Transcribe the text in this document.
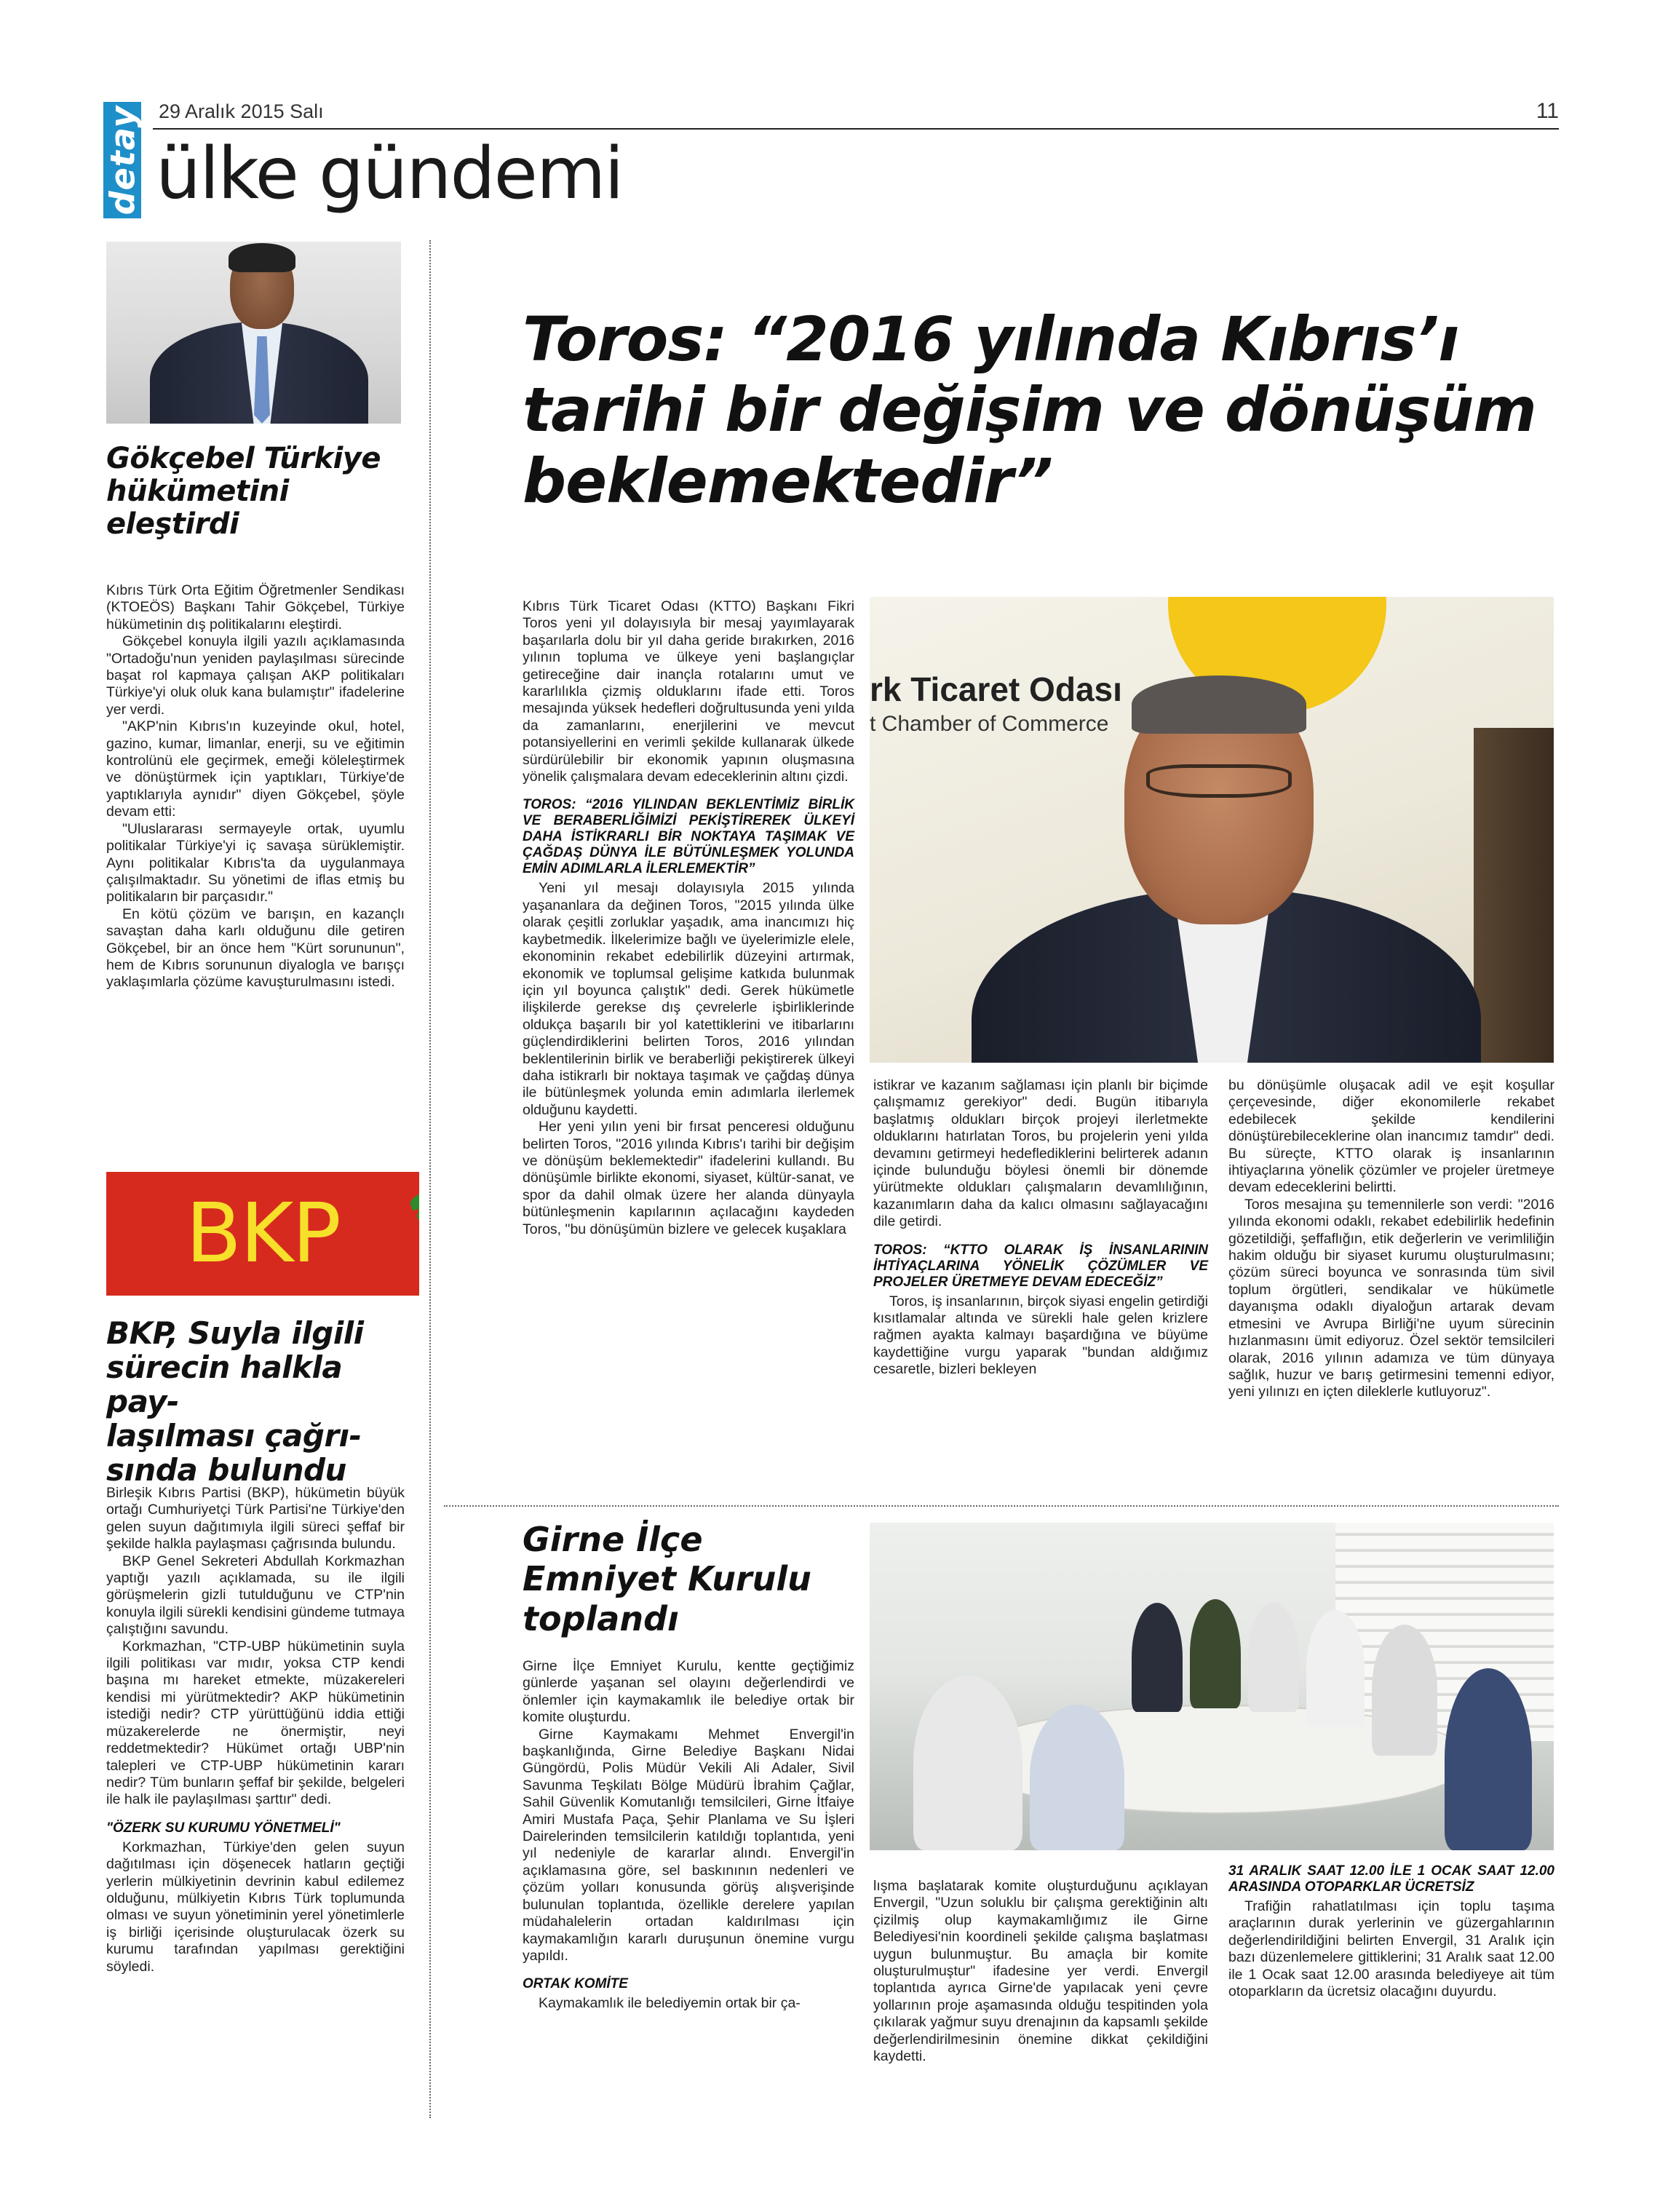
detay 29 Aralık 2015 Salı	11
ülke gündemi
Gökçebel Türkiye
hükümetini
eleştirdi

Kıbrıs Türk Orta Eğitim Öğretmenler Sendikası (KTOEÖS) Başkanı Tahir Gökçebel, Türkiye hükümetinin dış politikalarını eleştirdi.

Gökçebel konuyla ilgili yazılı açıklamasında "Ortadoğu'nun yeniden paylaşılması sürecinde başat rol kapmaya çalışan AKP politikaları Türkiye'yi oluk oluk kana bulamıştır" ifadelerine yer verdi.

"AKP'nin Kıbrıs'ın kuzeyinde okul, hotel, gazino, kumar, limanlar, enerji, su ve eğitimin kontrolünü ele geçirmek, emeği köleleştirmek ve dönüştürmek için yaptıkları, Türkiye'de yaptıklarıyla aynıdır" diyen Gökçebel, şöyle devam etti:

"Uluslararası sermayeyle ortak, uyumlu politikalar Türkiye'yi iç savaşa sürüklemiştir. Aynı politikalar Kıbrıs'ta da uygulanmaya çalışılmaktadır. Su yönetimi de iflas etmiş bu politikaların bir parçasıdır."

En kötü çözüm ve barışın, en kazançlı savaştan daha karlı olduğunu dile getiren Gökçebel, bir an önce hem "Kürt sorununun", hem de Kıbrıs sorununun diyalogla ve barışçı yaklaşımlarla çözüme kavuşturulmasını istedi.

BKP
BKP, Suyla ilgili
sürecin halkla pay-
laşılması çağrı-
sında bulundu

Birleşik Kıbrıs Partisi (BKP), hükümetin büyük ortağı Cumhuriyetçi Türk Partisi'ne Türkiye'den gelen suyun dağıtımıyla ilgili süreci şeffaf bir şekilde halkla paylaşması çağrısında bulundu.

BKP Genel Sekreteri Abdullah Korkmazhan yaptığı yazılı açıklamada, su ile ilgili görüşmelerin gizli tutulduğunu ve CTP'nin konuyla ilgili sürekli kendisini gündeme tutmaya çalıştığını savundu.

Korkmazhan, "CTP-UBP hükümetinin suyla ilgili politikası var mıdır, yoksa CTP kendi başına mı hareket etmekte, müzakereleri kendisi mi yürütmektedir? AKP hükümetinin istediği nedir? CTP yürüttüğünü iddia ettiği müzakerelerde ne önermiştir, neyi reddetmektedir? Hükümet ortağı UBP'nin talepleri ve CTP-UBP hükümetinin kararı nedir? Tüm bunların şeffaf bir şekilde, belgeleri ile halk ile paylaşılması şarttır" dedi.

"ÖZERK SU KURUMU YÖNETMELİ"

Korkmazhan, Türkiye'den gelen suyun dağıtılması için döşenecek hatların geçtiği yerlerin mülkiyetinin devrinin kabul edilemez olduğunu, mülkiyetin Kıbrıs Türk toplumunda olması ve suyun yönetiminin yerel yönetimlerle iş birliği içerisinde oluşturulacak özerk su kurumu tarafından yapılması gerektiğini söyledi.

Toros: “2016 yılında Kıbrıs’ı
tarihi bir değişim ve dönüşüm
beklemektedir”
rk Ticaret Odası
t Chamber of Commerce

Kıbrıs Türk Ticaret Odası (KTTO) Başkanı Fikri Toros yeni yıl dolayısıyla bir mesaj yayımlayarak başarılarla dolu bir yıl daha geride bırakırken, 2016 yılının topluma ve ülkeye yeni başlangıçlar getireceğine dair inançla rotalarını umut ve kararlılıkla çizmiş olduklarını ifade etti. Toros mesajında yüksek hedefleri doğrultusunda yeni yılda da zamanlarını, enerjilerini ve mevcut potansiyellerini en verimli şekilde kullanarak ülkede sürdürülebilir bir ekonomik yapının oluşmasına yönelik çalışmalara devam edeceklerinin altını çizdi.

TOROS: “2016 YILINDAN BEKLENTİMİZ BİRLİK VE BERABERLİĞİMİZİ PEKİŞTİREREK ÜLKEYİ DAHA İSTİKRARLI BİR NOKTAYA TAŞIMAK VE ÇAĞDAŞ DÜNYA İLE BÜTÜNLEŞMEK YOLUNDA EMİN ADIMLARLA İLERLEMEKTİR”

Yeni yıl mesajı dolayısıyla 2015 yılında yaşananlara da değinen Toros, "2015 yılında ülke olarak çeşitli zorluklar yaşadık, ama inancımızı hiç kaybetmedik. İlkelerimize bağlı ve üyelerimizle elele, ekonominin rekabet edebilirlik düzeyini artırmak, ekonomik ve toplumsal gelişime katkıda bulunmak için yıl boyunca çalıştık" dedi. Gerek hükümetle ilişkilerde gerekse dış çevrelerle işbirliklerinde oldukça başarılı bir yol katettiklerini ve itibarlarını güçlendirdiklerini belirten Toros, 2016 yılından beklentilerinin birlik ve beraberliği pekiştirerek ülkeyi daha istikrarlı bir noktaya taşımak ve çağdaş dünya ile bütünleşmek yolunda emin adımlarla ilerlemek olduğunu kaydetti.

Her yeni yılın yeni bir fırsat penceresi olduğunu belirten Toros, "2016 yılında Kıbrıs'ı tarihi bir değişim ve dönüşüm beklemektedir" ifadelerini kullandı. Bu dönüşümle birlikte ekonomi, siyaset, kültür-sanat, ve spor da dahil olmak üzere her alanda dünyayla bütünleşmenin kapılarının açılacağını kaydeden Toros, "bu dönüşümün bizlere ve gelecek kuşaklara

istikrar ve kazanım sağlaması için planlı bir biçimde çalışmamız gerekiyor" dedi. Bugün itibarıyla başlatmış oldukları birçok projeyi ilerletmekte olduklarını hatırlatan Toros, bu projelerin yeni yılda devamını getirmeyi hedeflediklerini belirterek adanın içinde bulunduğu böylesi önemli bir dönemde yürütmekte oldukları çalışmaların devamlılığının, kazanımların daha da kalıcı olmasını sağlayacağını dile getirdi.

TOROS: “KTTO OLARAK İŞ İNSANLARININ İHTİYAÇLARINA YÖNELİK ÇÖZÜMLER VE PROJELER ÜRETMEYE DEVAM EDECEĞİZ”

Toros, iş insanlarının, birçok siyasi engelin getirdiği kısıtlamalar altında ve sürekli hale gelen krizlere rağmen ayakta kalmayı başardığına ve büyüme kaydettiğine vurgu yaparak "bundan aldığımız cesaretle, bizleri bekleyen

bu dönüşümle oluşacak adil ve eşit koşullar çerçevesinde, diğer ekonomilerle rekabet edebilecek şekilde kendilerini dönüştürebileceklerine olan inancımız tamdır" dedi. Bu süreçte, KTTO olarak iş insanlarının ihtiyaçlarına yönelik çözümler ve projeler üretmeye devam edeceklerini belirtti.

Toros mesajına şu temennilerle son verdi: "2016 yılında ekonomi odaklı, rekabet edebilirlik hedefinin gözetildiği, şeffaflığın, etik değerlerin ve verimliliğin hakim olduğu bir siyaset kurumu oluşturulmasını; çözüm süreci boyunca ve sonrasında tüm sivil toplum örgütleri, sendikalar ve hükümetle dayanışma odaklı diyaloğun artarak devam etmesini ve Avrupa Birliği'ne uyum sürecinin hızlanmasını ümit ediyoruz. Özel sektör temsilcileri olarak, 2016 yılının adamıza ve tüm dünyaya sağlık, huzur ve barış getirmesini temenni ediyor, yeni yılınızı en içten dileklerle kutluyoruz".

Girne İlçe
Emniyet Kurulu
toplandı

Girne İlçe Emniyet Kurulu, kentte geçtiğimiz günlerde yaşanan sel olayını değerlendirdi ve önlemler için kaymakamlık ile belediye ortak bir komite oluşturdu.

Girne Kaymakamı Mehmet Envergil'in başkanlığında, Girne Belediye Başkanı Nidai Güngördü, Polis Müdür Vekili Ali Adaler, Sivil Savunma Teşkilatı Bölge Müdürü İbrahim Çağlar, Sahil Güvenlik Komutanlığı temsilcileri, Girne İtfaiye Amiri Mustafa Paça, Şehir Planlama ve Su İşleri Dairelerinden temsilcilerin katıldığı toplantıda, yeni yıl nedeniyle de kararlar alındı. Envergil'in açıklamasına göre, sel baskınının nedenleri ve çözüm yolları konusunda görüş alışverişinde bulunulan toplantıda, özellikle derelere yapılan müdahalelerin ortadan kaldırılması için kaymakamlığın kararlı duruşunun önemine vurgu yapıldı.

ORTAK KOMİTE

Kaymakamlık ile belediyemin ortak bir ça-

lışma başlatarak komite oluşturduğunu açıklayan Envergil, "Uzun soluklu bir çalışma gerektiğinin altı çizilmiş olup kaymakamlığımız ile Girne Belediyesi'nin koordineli şekilde çalışma başlatması uygun bulunmuştur. Bu amaçla bir komite oluşturulmuştur" ifadesine yer verdi. Envergil toplantıda ayrıca Girne'de yapılacak yeni çevre yollarının proje aşamasında olduğu tespitinden yola çıkılarak yağmur suyu drenajının da kapsamlı şekilde değerlendirilmesinin önemine dikkat çekildiğini kaydetti.

31 ARALIK SAAT 12.00 İLE 1 OCAK SAAT 12.00 ARASINDA OTOPARKLAR ÜCRETSİZ

Trafiğin rahatlatılması için toplu taşıma araçlarının durak yerlerinin ve güzergahlarının değerlendirildiğini belirten Envergil, 31 Aralık için bazı düzenlemelere gittiklerini; 31 Aralık saat 12.00 ile 1 Ocak saat 12.00 arasında belediyeye ait tüm otoparkların da ücretsiz olacağını duyurdu.
